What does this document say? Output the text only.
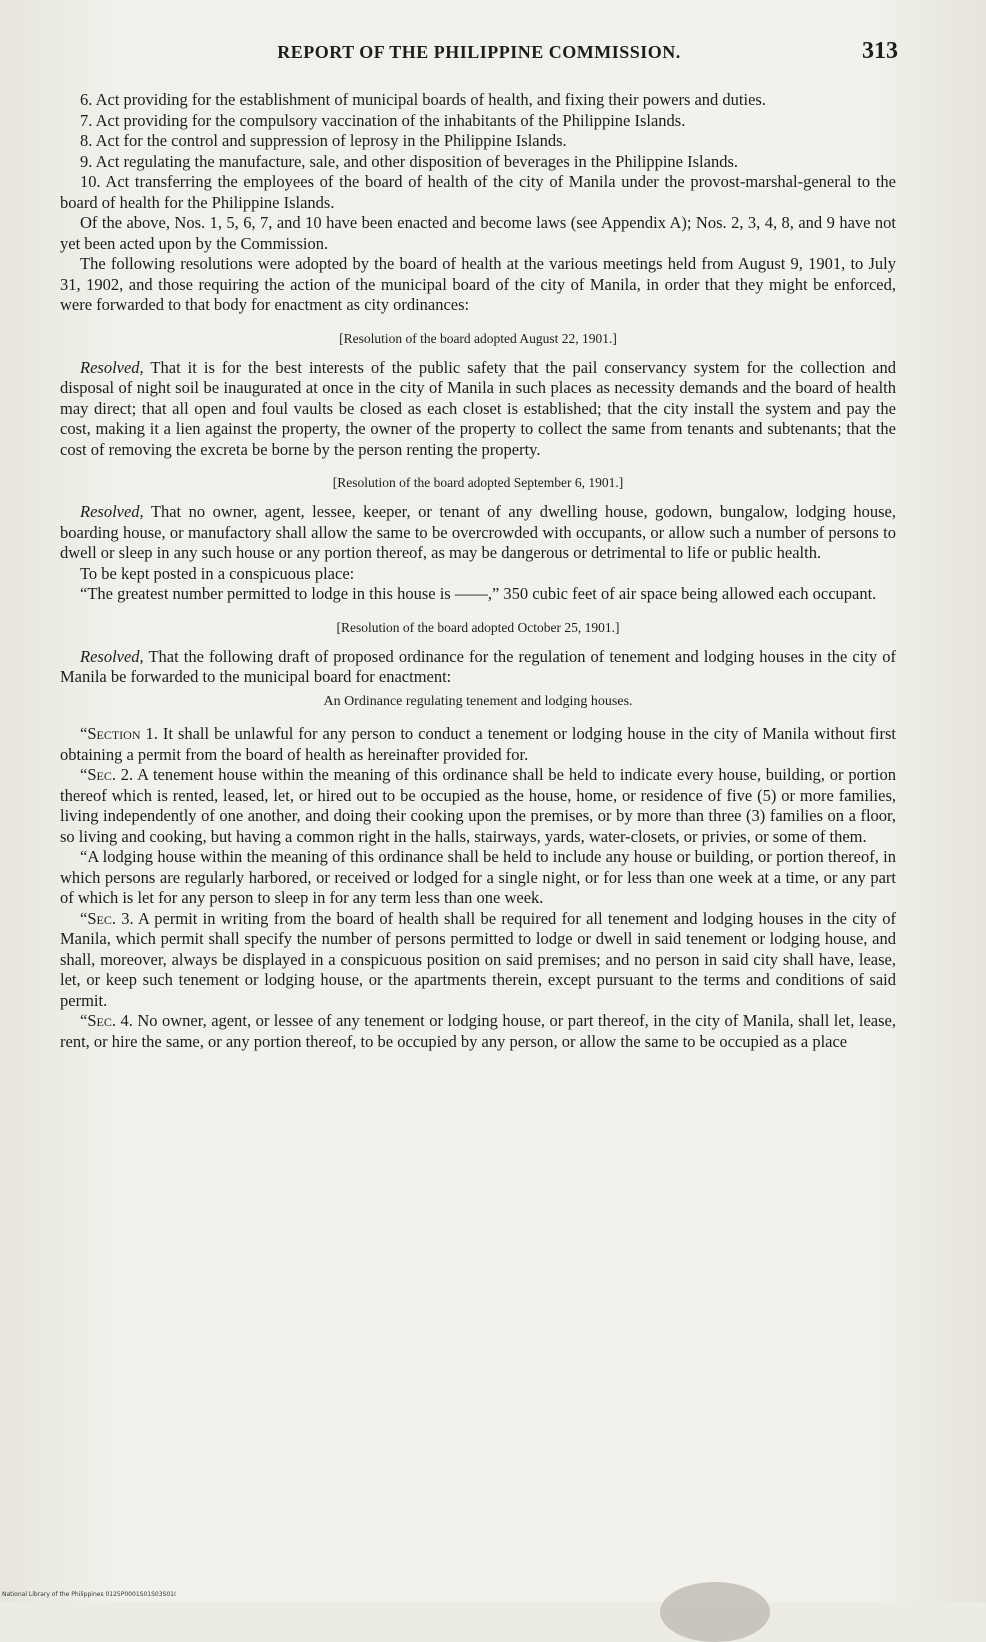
REPORT OF THE PHILIPPINE COMMISSION.	313

6. Act providing for the establishment of municipal boards of health, and fixing their powers and duties.

7. Act providing for the compulsory vaccination of the inhabitants of the Philippine Islands.

8. Act for the control and suppression of leprosy in the Philippine Islands.

9. Act regulating the manufacture, sale, and other disposition of beverages in the Philippine Islands.

10. Act transferring the employees of the board of health of the city of Manila under the provost-marshal-general to the board of health for the Philippine Islands.

Of the above, Nos. 1, 5, 6, 7, and 10 have been enacted and become laws (see Appendix A); Nos. 2, 3, 4, 8, and 9 have not yet been acted upon by the Commission.

The following resolutions were adopted by the board of health at the various meetings held from August 9, 1901, to July 31, 1902, and those requiring the action of the municipal board of the city of Manila, in order that they might be enforced, were forwarded to that body for enactment as city ordinances:

[Resolution of the board adopted August 22, 1901.]

Resolved, That it is for the best interests of the public safety that the pail conservancy system for the collection and disposal of night soil be inaugurated at once in the city of Manila in such places as necessity demands and the board of health may direct; that all open and foul vaults be closed as each closet is established; that the city install the system and pay the cost, making it a lien against the property, the owner of the property to collect the same from tenants and subtenants; that the cost of removing the excreta be borne by the person renting the property.

[Resolution of the board adopted September 6, 1901.]

Resolved, That no owner, agent, lessee, keeper, or tenant of any dwelling house, godown, bungalow, lodging house, boarding house, or manufactory shall allow the same to be overcrowded with occupants, or allow such a number of persons to dwell or sleep in any such house or any portion thereof, as may be dangerous or detrimental to life or public health.

To be kept posted in a conspicuous place:

“The greatest number permitted to lodge in this house is ——,” 350 cubic feet of air space being allowed each occupant.

[Resolution of the board adopted October 25, 1901.]

Resolved, That the following draft of proposed ordinance for the regulation of tenement and lodging houses in the city of Manila be forwarded to the municipal board for enactment:

An Ordinance regulating tenement and lodging houses.

“Section 1. It shall be unlawful for any person to conduct a tenement or lodging house in the city of Manila without first obtaining a permit from the board of health as hereinafter provided for.

“Sec. 2. A tenement house within the meaning of this ordinance shall be held to indicate every house, building, or portion thereof which is rented, leased, let, or hired out to be occupied as the house, home, or residence of five (5) or more families, living independently of one another, and doing their cooking upon the premises, or by more than three (3) families on a floor, so living and cooking, but having a common right in the halls, stairways, yards, water-closets, or privies, or some of them.

“A lodging house within the meaning of this ordinance shall be held to include any house or building, or portion thereof, in which persons are regularly harbored, or received or lodged for a single night, or for less than one week at a time, or any part of which is let for any person to sleep in for any term less than one week.

“Sec. 3. A permit in writing from the board of health shall be required for all tenement and lodging houses in the city of Manila, which permit shall specify the number of persons permitted to lodge or dwell in said tenement or lodging house, and shall, moreover, always be displayed in a conspicuous position on said premises; and no person in said city shall have, lease, let, or keep such tenement or lodging house, or the apartments therein, except pursuant to the terms and conditions of said permit.

“Sec. 4. No owner, agent, or lessee of any tenement or lodging house, or part thereof, in the city of Manila, shall let, lease, rent, or hire the same, or any portion thereof, to be occupied by any person, or allow the same to be occupied as a place

National Library of the Philippines 0125P0001S01S03S01I
